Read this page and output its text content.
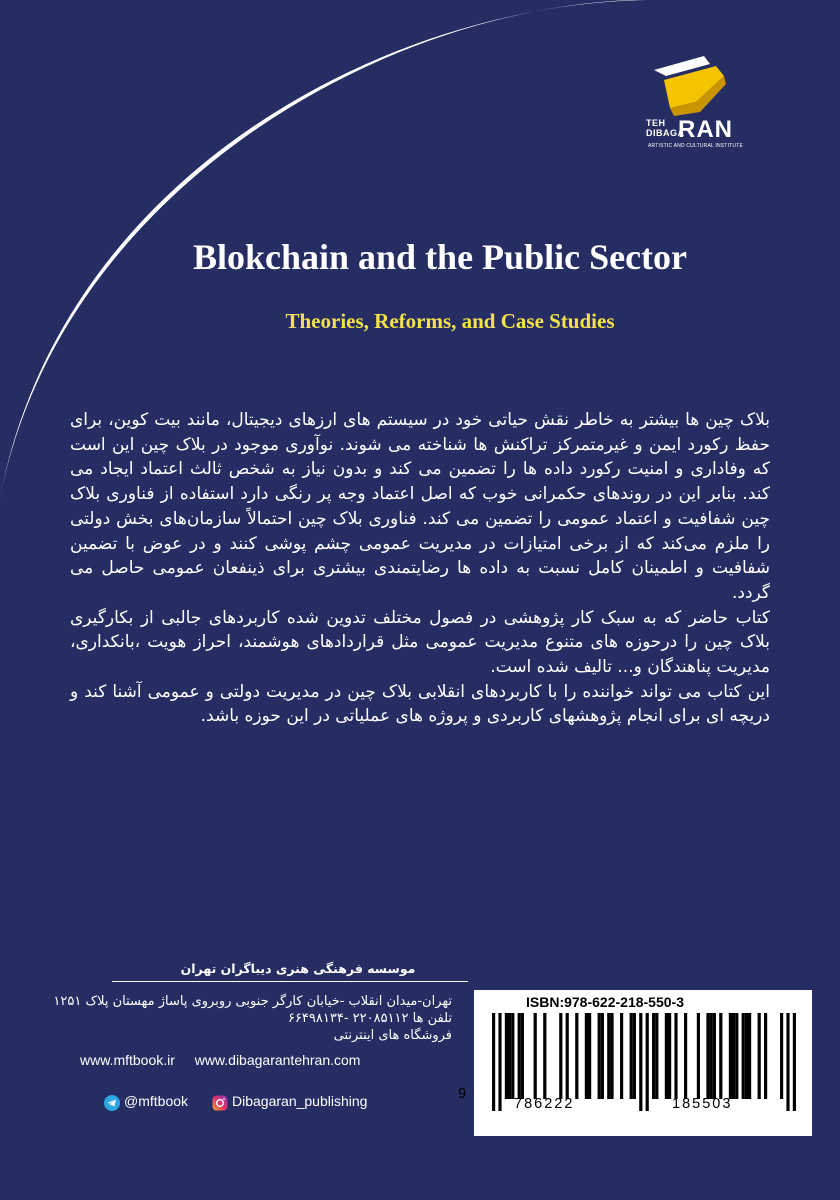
TEH
DIBAGA
RAN
ARTISTIC AND CULTURAL INSTITUTE
Blokchain and the Public Sector
Theories, Reforms, and Case Studies

بلاک چین ها بیشتر به خاطر نقش حیاتی خود در سیستم های ارزهای دیجیتال، مانند بیت کوین، برای حفظ رکورد ایمن و غیرمتمرکز تراکنش ها شناخته می شوند. نوآوری موجود در بلاک چین این است که وفاداری و امنیت رکورد داده ها را تضمین می کند و بدون نیاز به شخص ثالث اعتماد ایجاد می کند. بنابر این در روندهای حکمرانی خوب که اصل اعتماد وجه پر رنگی دارد استفاده از فناوری بلاک چین شفافیت و اعتماد عمومی را تضمین می کند. فناوری بلاک چین احتمالاً سازمان‌های بخش دولتی را ملزم می‌کند که از برخی امتیازات در مدیریت عمومی چشم پوشی کنند و در عوض با تضمین شفافیت و اطمینان کامل نسبت به داده ها رضایتمندی بیشتری برای ذینفعان عمومی حاصل می گردد.

کتاب حاضر که به سبک کار پژوهشی در فصول مختلف تدوین شده کاربردهای جالبی از بکارگیری بلاک چین را درحوزه های متنوع مدیریت عمومی مثل قراردادهای هوشمند، احراز هویت ،بانکداری، مدیریت پناهندگان و... تالیف شده است.

این کتاب می تواند خواننده را با کاربردهای انقلابی بلاک چین در مدیریت دولتی و عمومی آشنا کند و دریچه ای برای انجام پژوهشهای کاربردی و پروژه های عملیاتی در این حوزه باشد.

موسسه فرهنگی هنری دیباگران تهران
تهران-میدان انقلاب -خیابان کارگر جنوبی روبروی پاساژ مهستان پلاک ۱۲۵۱
تلفن ها ۲۲۰۸۵۱۱۲ -۶۶۴۹۸۱۳۴
فروشگاه های اینترنتی
www.mftbook.ir www.dibagarantehran.com
@mftbook	Dibagaran_publishing
ISBN:978-622-218-550-3
9
786222	185503
